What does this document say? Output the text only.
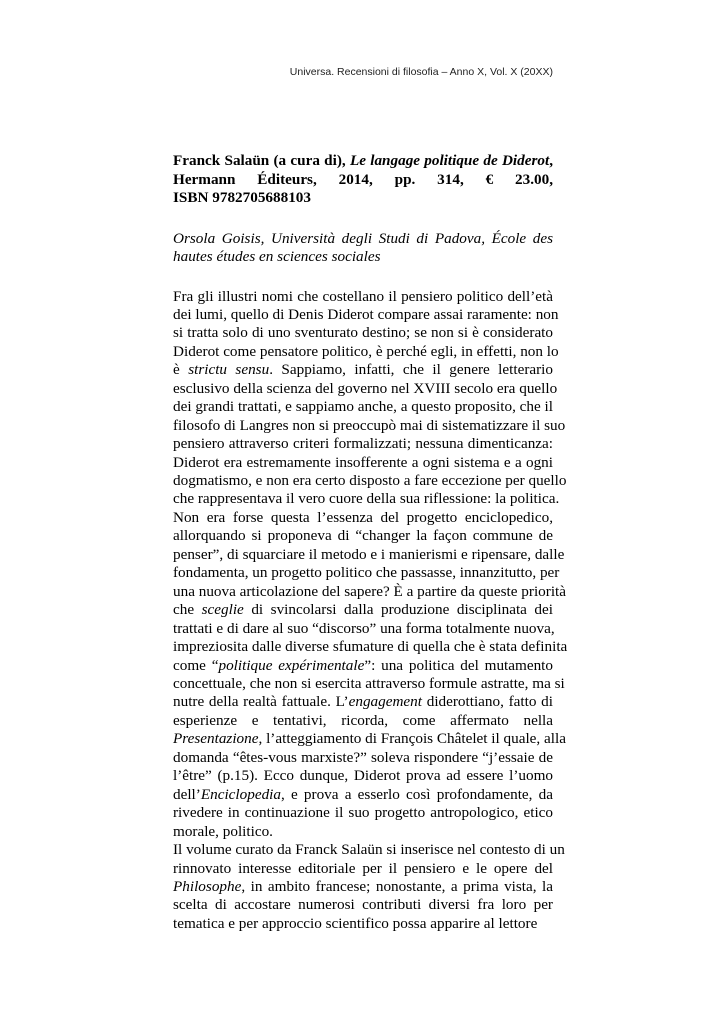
Universa. Recensioni di filosofia – Anno X, Vol. X (20XX)
Franck Salaün (a cura di), Le langage politique de Diderot,
Hermann Éditeurs, 2014, pp. 314, € 23.00,
ISBN 9782705688103
Orsola Goisis, Università degli Studi di Padova, École des
hautes études en sciences sociales
Fra gli illustri nomi che costellano il pensiero politico dell’età
dei lumi, quello di Denis Diderot compare assai raramente: non
si tratta solo di uno sventurato destino; se non si è considerato
Diderot come pensatore politico, è perché egli, in effetti, non lo
è strictu sensu. Sappiamo, infatti, che il genere letterario
esclusivo della scienza del governo nel XVIII secolo era quello
dei grandi trattati, e sappiamo anche, a questo proposito, che il
filosofo di Langres non si preoccupò mai di sistematizzare il suo
pensiero attraverso criteri formalizzati; nessuna dimenticanza:
Diderot era estremamente insofferente a ogni sistema e a ogni
dogmatismo, e non era certo disposto a fare eccezione per quello
che rappresentava il vero cuore della sua riflessione: la politica.
Non era forse questa l’essenza del progetto enciclopedico,
allorquando si proponeva di “changer la façon commune de
penser”, di squarciare il metodo e i manierismi e ripensare, dalle
fondamenta, un progetto politico che passasse, innanzitutto, per
una nuova articolazione del sapere? È a partire da queste priorità
che sceglie di svincolarsi dalla produzione disciplinata dei
trattati e di dare al suo “discorso” una forma totalmente nuova,
impreziosita dalle diverse sfumature di quella che è stata definita
come “politique expérimentale”: una politica del mutamento
concettuale, che non si esercita attraverso formule astratte, ma si
nutre della realtà fattuale. L’engagement diderottiano, fatto di
esperienze e tentativi, ricorda, come affermato nella
Presentazione, l’atteggiamento di François Châtelet il quale, alla
domanda “êtes-vous marxiste?” soleva rispondere “j’essaie de
l’être” (p.15). Ecco dunque, Diderot prova ad essere l’uomo
dell’Enciclopedia, e prova a esserlo così profondamente, da
rivedere in continuazione il suo progetto antropologico, etico
morale, politico.
Il volume curato da Franck Salaün si inserisce nel contesto di un
rinnovato interesse editoriale per il pensiero e le opere del
Philosophe, in ambito francese; nonostante, a prima vista, la
scelta di accostare numerosi contributi diversi fra loro per
tematica e per approccio scientifico possa apparire al lettore
